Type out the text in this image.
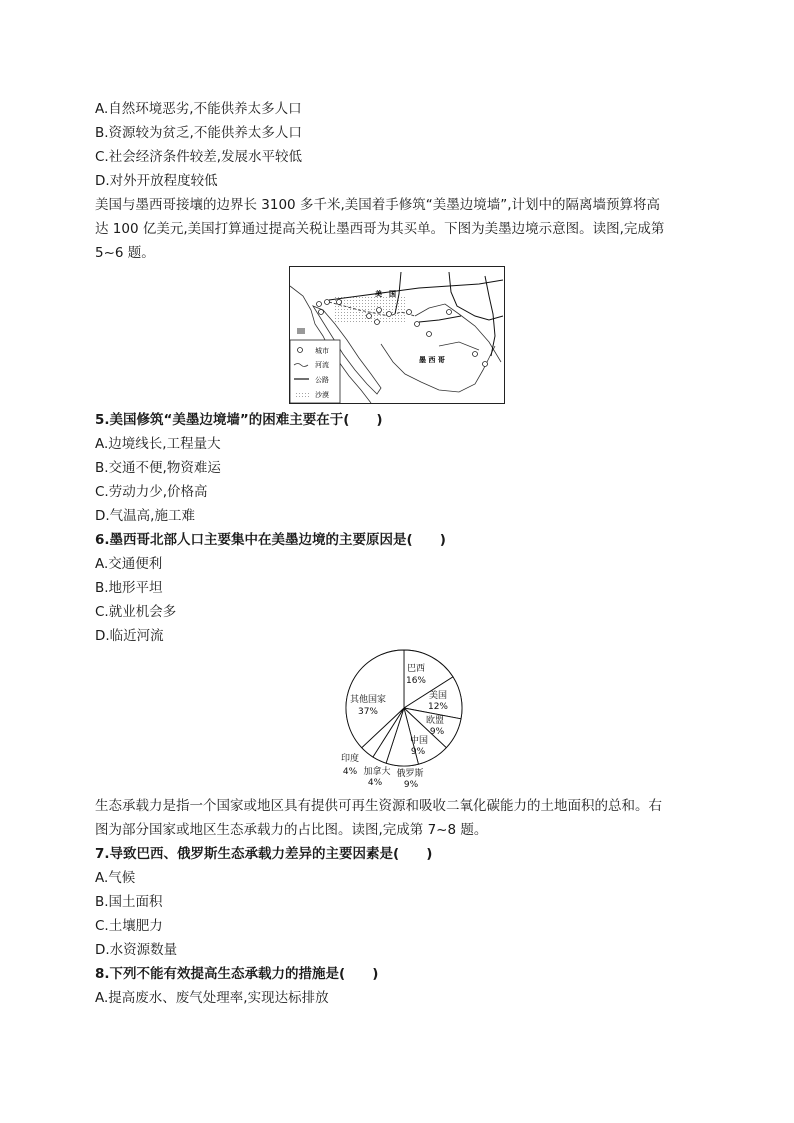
A.自然环境恶劣,不能供养太多人口
B.资源较为贫乏,不能供养太多人口
C.社会经济条件较差,发展水平较低
D.对外开放程度较低
美国与墨西哥接壤的边界长 3100 多千米,美国着手修筑“美墨边境墙”,计划中的隔离墙预算将高
达 100 亿美元,美国打算通过提高关税让墨西哥为其买单。下图为美墨边境示意图。读图,完成第
5~6 题。
美　国
墨 西 哥
城市
河流
公路
沙漠
5.美国修筑“美墨边境墙”的困难主要在于(　　)
A.边境线长,工程量大
B.交通不便,物资难运
C.劳动力少,价格高
D.气温高,施工难
6.墨西哥北部人口主要集中在美墨边境的主要原因是(　　)
A.交通便利
B.地形平坦
C.就业机会多
D.临近河流
巴西
16%
美国
12%
欧盟
9%
中国
9%
俄罗斯
9%
加拿大
4%
印度
4%
其他国家
37%
生态承载力是指一个国家或地区具有提供可再生资源和吸收二氧化碳能力的土地面积的总和。右
图为部分国家或地区生态承载力的占比图。读图,完成第 7~8 题。
7.导致巴西、俄罗斯生态承载力差异的主要因素是(　　)
A.气候
B.国土面积
C.土壤肥力
D.水资源数量
8.下列不能有效提高生态承载力的措施是(　　)
A.提高废水、废气处理率,实现达标排放
